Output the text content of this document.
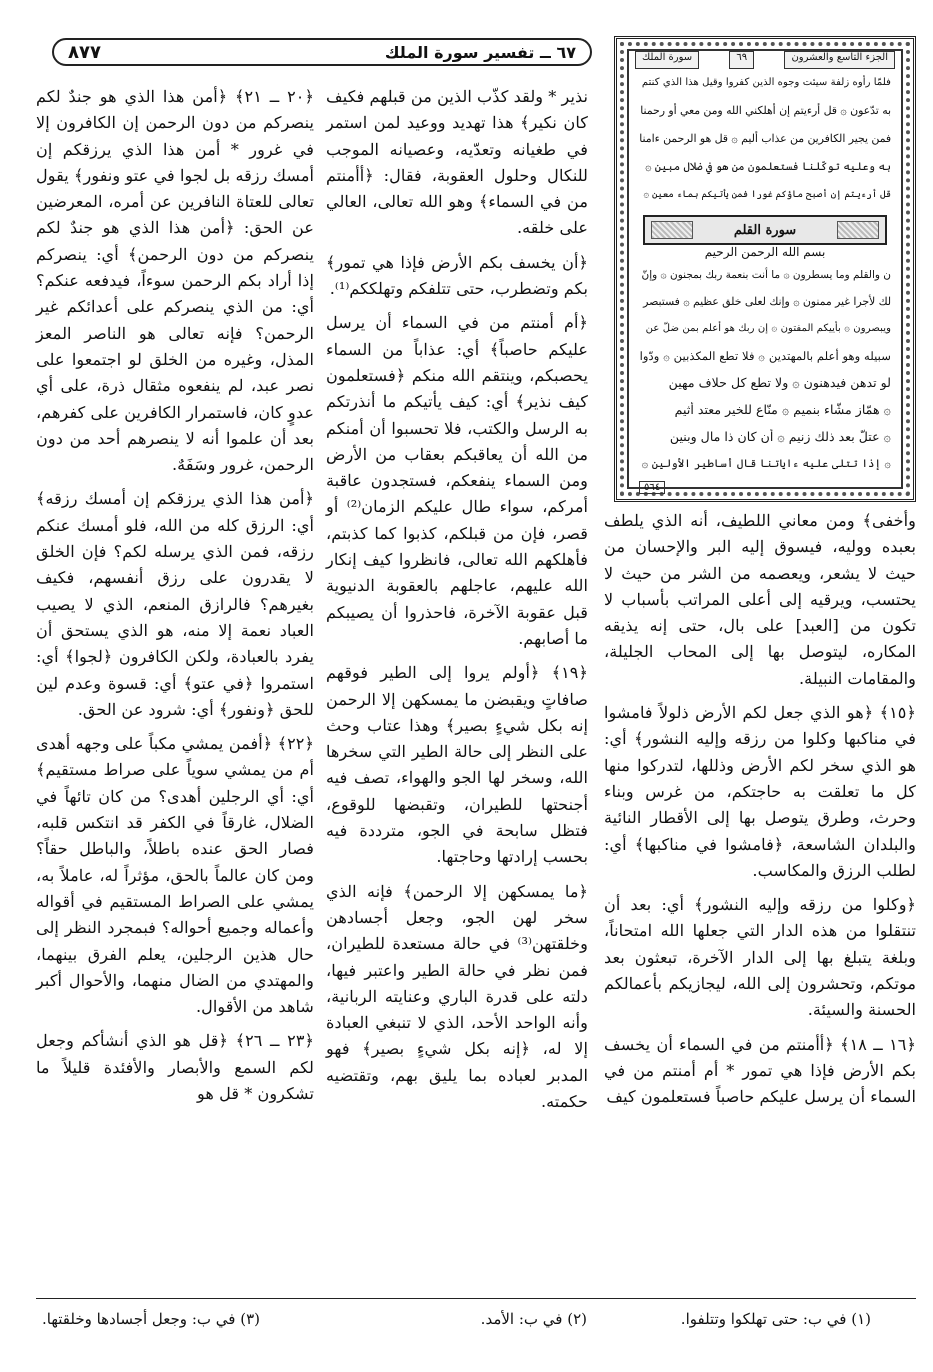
٦٧ ــ تفسير سورة الملك
٨٧٧	الجزء التاسع والعشرون
٦٩
سورة الملك
فلمّا رأوه زلفة سيئت وجوه الذين كفروا وقيل هذا الذي كنتم
به تدّعون ۞ قل أرءيتم إن أهلكني الله ومن معي أو رحمنا
فمن يجير الكافرين من عذاب أليم ۞ قل هو الرحمن ءامنا
به وعليه توكّلنا فستعلمون من هو في ضلال مبين ۞
قل أرءيتم إن أصبح ماؤكم غورا فمن يأتيكم بماء معين ۞
سورة القلم
بسم الله الرحمن الرحيم
ن والقلم وما يسطرون ۞ ما أنت بنعمة ربك بمجنون ۞ وإنّ
لك لأجرا غير ممنون ۞ وإنك لعلى خلق عظيم ۞ فستبصر
ويبصرون ۞ بأييكم المفتون ۞ إن ربك هو أعلم بمن ضلّ عن
سبيله وهو أعلم بالمهتدين ۞ فلا تطع المكذبين ۞ ودّوا
لو تدهن فيدهنون ۞ ولا تطع كل حلاف مهين
۞ همّاز مشّاء بنميم ۞ منّاع للخير معتد أثيم
۞ عتلّ بعد ذلك زنيم ۞ أن كان ذا مال وبنين
۞ إذا تتلى عليه ءاياتنا قال أساطير الأولين ۞
٥٦٤

وأخفى﴾ ومن معاني اللطيف، أنه الذي يلطف بعبده ووليه، فيسوق إليه البر والإحسان من حيث لا يشعر، ويعصمه من الشر من حيث لا يحتسب، ويرقيه إلى أعلى المراتب بأسباب لا تكون من [العبد] على بال، حتى إنه يذيقه المكاره، ليتوصل بها إلى المحاب الجليلة، والمقامات النبيلة.

﴿١٥﴾ ﴿هو الذي جعل لكم الأرض ذلولاً فامشوا في مناكبها وكلوا من رزقه وإليه النشور﴾ أي: هو الذي سخر لكم الأرض وذللها، لتدركوا منها كل ما تعلقت به حاجتكم، من غرس وبناء وحرث، وطرق يتوصل بها إلى الأقطار النائية والبلدان الشاسعة، ﴿فامشوا في مناكبها﴾ أي: لطلب الرزق والمكاسب.

﴿وكلوا من رزقه وإليه النشور﴾ أي: بعد أن تنتقلوا من هذه الدار التي جعلها الله امتحاناً، وبلغة يتبلغ بها إلى الدار الآخرة، تبعثون بعد موتكم، وتحشرون إلى الله، ليجازيكم بأعمالكم الحسنة والسيئة.

﴿١٦ ــ ١٨﴾ ﴿أأمنتم من في السماء أن يخسف بكم الأرض فإذا هي تمور * أم أمنتم من في السماء أن يرسل عليكم حاصباً فستعلمون كيف

نذير * ولقد كذّب الذين من قبلهم فكيف كان نكير﴾ هذا تهديد ووعيد لمن استمر في طغيانه وتعدّيه، وعصيانه الموجب للنكال وحلول العقوبة، فقال: ﴿أأمنتم من في السماء﴾ وهو الله تعالى، العالي على خلقه.

﴿أن يخسف بكم الأرض فإذا هي تمور﴾ بكم وتضطرب، حتى تتلفكم وتهلككم⁽¹⁾.

﴿أم أمنتم من في السماء أن يرسل عليكم حاصباً﴾ أي: عذاباً من السماء يحصبكم، وينتقم الله منكم ﴿فستعلمون كيف نذير﴾ أي: كيف يأتيكم ما أنذرتكم به الرسل والكتب، فلا تحسبوا أن أمنكم من الله أن يعاقبكم بعقاب من الأرض ومن السماء ينفعكم، فستجدون عاقبة أمركم، سواء طال عليكم الزمان⁽²⁾ أو قصر، فإن من قبلكم، كذبوا كما كذبتم، فأهلكهم الله تعالى، فانظروا كيف إنكار الله عليهم، عاجلهم بالعقوبة الدنيوية قبل عقوبة الآخرة، فاحذروا أن يصيبكم ما أصابهم.

﴿١٩﴾ ﴿أولم يروا إلى الطير فوقهم صافاتٍ ويقبضن ما يمسكهن إلا الرحمن إنه بكل شيءٍ بصير﴾ وهذا عتاب وحث على النظر إلى حالة الطير التي سخرها الله، وسخر لها الجو والهواء، تصف فيه أجنحتها للطيران، وتقبضها للوقوع، فتظل سابحة في الجو، مترددة فيه بحسب إرادتها وحاجتها.

﴿ما يمسكهن إلا الرحمن﴾ فإنه الذي سخر لهن الجو، وجعل أجسادهن وخلقتهن⁽³⁾ في حالة مستعدة للطيران، فمن نظر في حالة الطير واعتبر فيها، دلته على قدرة الباري وعنايته الربانية، وأنه الواحد الأحد، الذي لا تنبغي العبادة إلا له، ﴿إنه بكل شيءٍ بصير﴾ فهو المدبر لعباده بما يليق بهم، وتقتضيه حكمته.

﴿٢٠ ــ ٢١﴾ ﴿أمن هذا الذي هو جندٌ لكم ينصركم من دون الرحمن إن الكافرون إلا في غرور * أمن هذا الذي يرزقكم إن أمسك رزقه بل لجوا في عتو ونفور﴾ يقول تعالى للعتاة النافرين عن أمره، المعرضين عن الحق: ﴿أمن هذا الذي هو جندٌ لكم ينصركم من دون الرحمن﴾ أي: ينصركم إذا أراد بكم الرحمن سوءاً، فيدفعه عنكم؟ أي: من الذي ينصركم على أعدائكم غير الرحمن؟ فإنه تعالى هو الناصر المعز المذل، وغيره من الخلق لو اجتمعوا على نصر عبد، لم ينفعوه مثقال ذرة، على أي عدوٍ كان، فاستمرار الكافرين على كفرهم، بعد أن علموا أنه لا ينصرهم أحد من دون الرحمن، غرور وسَفَهٌ.

﴿أمن هذا الذي يرزقكم إن أمسك رزقه﴾ أي: الرزق كله من الله، فلو أمسك عنكم رزقه، فمن الذي يرسله لكم؟ فإن الخلق لا يقدرون على رزق أنفسهم، فكيف بغيرهم؟ فالرازق المنعم، الذي لا يصيب العباد نعمة إلا منه، هو الذي يستحق أن يفرد بالعبادة، ولكن الكافرون ﴿لجوا﴾ أي: استمروا ﴿في عتو﴾ أي: قسوة وعدم لين للحق ﴿ونفور﴾ أي: شرود عن الحق.

﴿٢٢﴾ ﴿أفمن يمشي مكباً على وجهه أهدى أم من يمشي سوياً على صراط مستقيم﴾ أي: أي الرجلين أهدى؟ من كان تائهاً في الضلال، غارقاً في الكفر قد انتكس قلبه، فصار الحق عنده باطلاً، والباطل حقاً؟ ومن كان عالماً بالحق، مؤثراً له، عاملاً به، يمشي على الصراط المستقيم في أقواله وأعماله وجميع أحواله؟ فبمجرد النظر إلى حال هذين الرجلين، يعلم الفرق بينهما، والمهتدي من الضال منهما، والأحوال أكبر شاهد من الأقوال.

﴿٢٣ ــ ٢٦﴾ ﴿قل هو الذي أنشأكم وجعل لكم السمع والأبصار والأفئدة قليلاً ما تشكرون * قل هو

(١) في ب: حتى تهلكوا وتتلفوا.
(٢) في ب: الأمد.
(٣) في ب: وجعل أجسادها وخلقتها.
